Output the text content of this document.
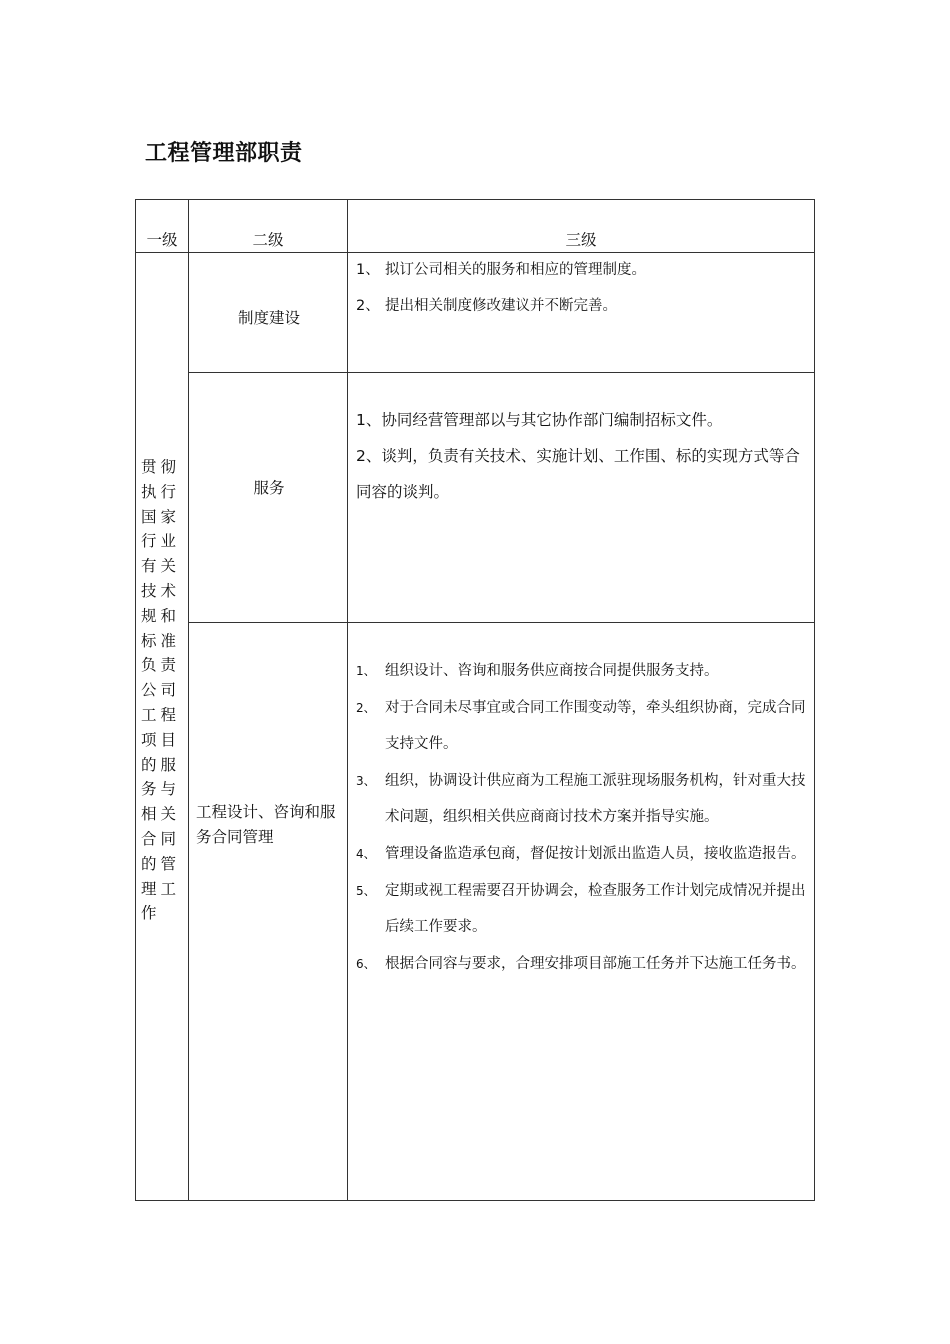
工程管理部职责
一级	二级	三级
贯彻执行国家行业有关技术规和标准负责公司工程项目的服务与相关合同的管理工作
制度建设
服务
工程设计、咨询和服务合同管理
1、 拟订公司相关的服务和相应的管理制度。
2、 提出相关制度修改建议并不断完善。
1、协同经营管理部以与其它协作部门编制招标文件。
2、谈判，负责有关技术、实施计划、工作围、标的实现方式等合同容的谈判。
1、 组织设计、咨询和服务供应商按合同提供服务支持。
2、 对于合同未尽事宜或合同工作围变动等，牵头组织协商，完成合同支持文件。
3、 组织，协调设计供应商为工程施工派驻现场服务机构，针对重大技术问题，组织相关供应商商讨技术方案并指导实施。
4、 管理设备监造承包商，督促按计划派出监造人员，接收监造报告。
5、 定期或视工程需要召开协调会，检查服务工作计划完成情况并提出后续工作要求。
6、 根据合同容与要求，合理安排项目部施工任务并下达施工任务书。
